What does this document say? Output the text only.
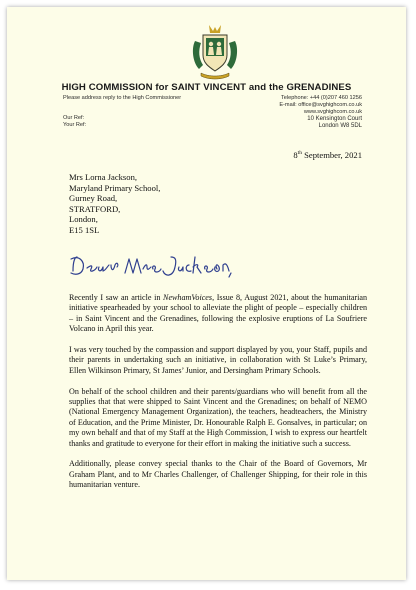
HIGH COMMISSION for SAINT VINCENT and the GRENADINES
Please address reply to the High Commissioner
Our Ref:
Your Ref:
Telephone: +44 (0)207 460 1256
E-mail: office@svghighcom.co.uk
www.svghighcom.co.uk
10 Kensington Court
London W8 5DL
8th September, 2021
Mrs Lorna Jackson,
Maryland Primary School,
Gurney Road,
STRATFORD,
London,
E15 1SL

Recently I saw an article in NewhamVoices, Issue 8, August 2021, about the humanitarian initiative spearheaded by your school to alleviate the plight of people – especially children – in Saint Vincent and the Grenadines, following the explosive eruptions of La Soufriere Volcano in April this year.

I was very touched by the compassion and support displayed by you, your Staff, pupils and their parents in undertaking such an initiative, in collaboration with St Luke’s Primary, Ellen Wilkinson Primary, St James’ Junior, and Dersingham Primary Schools.

On behalf of the school children and their parents/guardians who will benefit from all the supplies that that were shipped to Saint Vincent and the Grenadines; on behalf of NEMO (National Emergency Management Organization), the teachers, headteachers, the Ministry of Education, and the Prime Minister, Dr. Honourable Ralph E. Gonsalves, in particular; on my own behalf and that of my Staff at the High Commission, I wish to express our heartfelt thanks and gratitude to everyone for their effort in making the initiative such a success.

Additionally, please convey special thanks to the Chair of the Board of Governors, Mr Graham Plant, and to Mr Charles Challenger, of Challenger Shipping, for their role in this humanitarian venture.
